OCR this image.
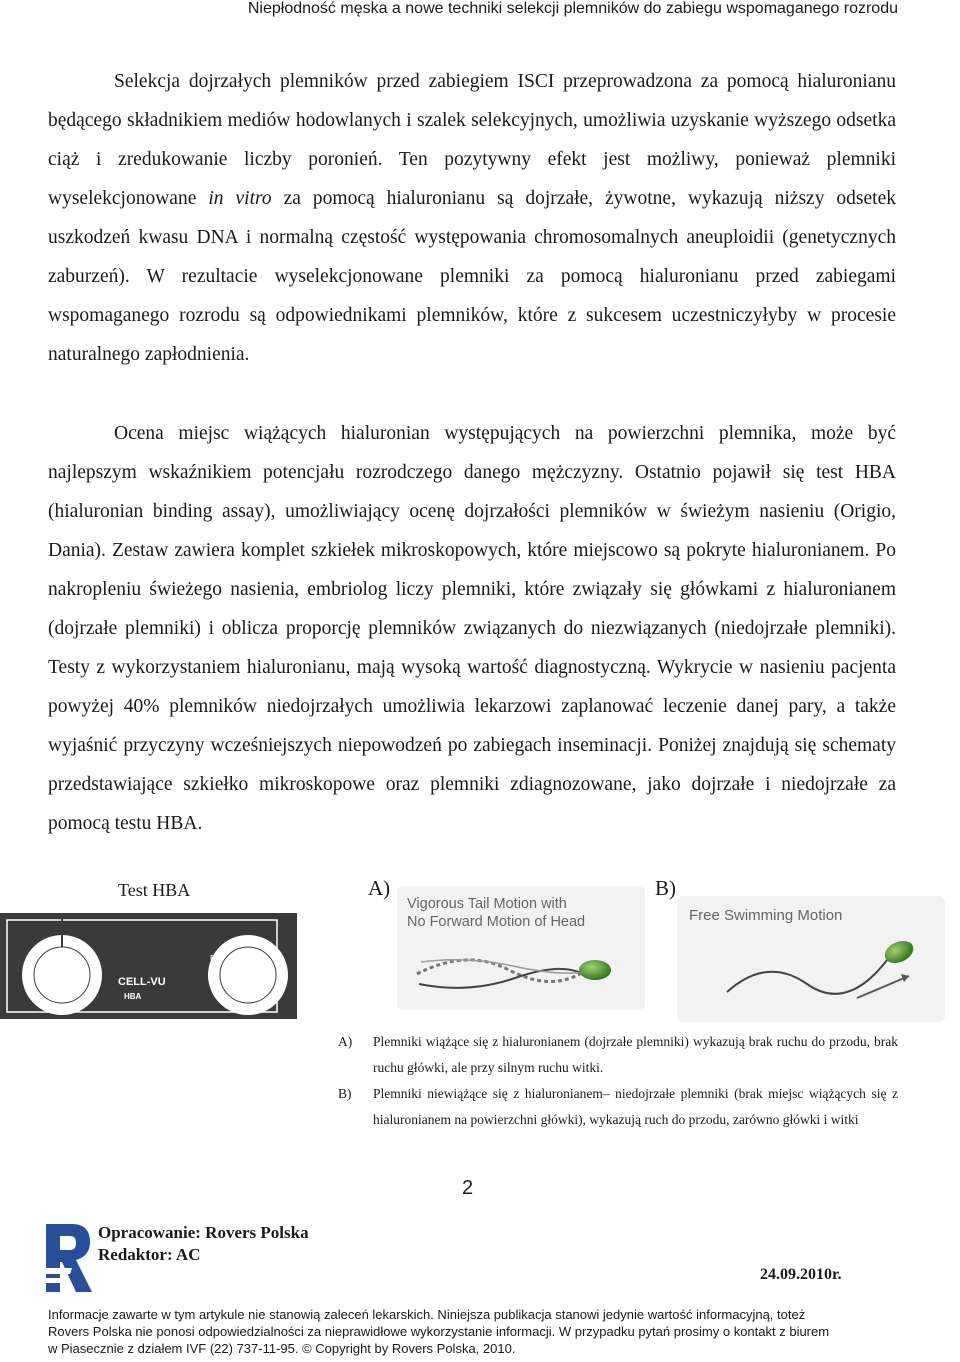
Niepłodność męska a nowe techniki selekcji plemników do zabiegu wspomaganego rozrodu
Selekcja dojrzałych plemników przed zabiegiem ISCI przeprowadzona za pomocą hialuronianu będącego składnikiem mediów hodowlanych i szalek selekcyjnych, umożliwia uzyskanie wyższego odsetka ciąż i zredukowanie liczby poronień. Ten pozytywny efekt jest możliwy, ponieważ plemniki wyselekcjonowane in vitro za pomocą hialuronianu są dojrzałe, żywotne, wykazują niższy odsetek uszkodzeń kwasu DNA i normalną częstość występowania chromosomalnych aneuploidii (genetycznych zaburzeń). W rezultacie wyselekcjonowane plemniki za pomocą hialuronianu przed zabiegami wspomaganego rozrodu są odpowiednikami plemników, które z sukcesem uczestniczyłyby w procesie naturalnego zapłodnienia.
Ocena miejsc wiążących hialuronian występujących na powierzchni plemnika, może być najlepszym wskaźnikiem potencjału rozrodczego danego mężczyzny. Ostatnio pojawił się test HBA (hialuronian binding assay), umożliwiający ocenę dojrzałości plemników w świeżym nasieniu (Origio, Dania). Zestaw zawiera komplet szkiełek mikroskopowych, które miejscowo są pokryte hialuronianem. Po nakropleniu świeżego nasienia, embriolog liczy plemniki, które związały się główkami z hialuronianem (dojrzałe plemniki) i oblicza proporcję plemników związanych do niezwiązanych (niedojrzałe plemniki). Testy z wykorzystaniem hialuronianu, mają wysoką wartość diagnostyczną. Wykrycie w nasieniu pacjenta powyżej 40% plemników niedojrzałych umożliwia lekarzowi zaplanować leczenie danej pary, a także wyjaśnić przyczyny wcześniejszych niepowodzeń po zabiegach inseminacji. Poniżej znajdują się schematy przedstawiające szkiełko mikroskopowe oraz plemniki zdiagnozowane, jako dojrzałe i niedojrzałe za pomocą testu HBA.
Test HBA	A)	B)
A	B
CELL-VU
HBA
Vigorous Tail Motion with
No Forward Motion of Head	Free Swimming Motion
A) Plemniki wiążące się z hialuronianem (dojrzałe plemniki) wykazują brak ruchu do przodu, brak ruchu główki, ale przy silnym ruchu witki.
B) Plemniki niewiążące się z hialuronianem– niedojrzałe plemniki (brak miejsc wiążących się z hialuronianem na powierzchni główki), wykazują ruch do przodu, zarówno główki i witki
2
Opracowanie: Rovers Polska
Redaktor: AC
24.09.2010r.
Informacje zawarte w tym artykule nie stanowią zaleceń lekarskich. Niniejsza publikacja stanowi jedynie wartość informacyjną, toteż
Rovers Polska nie ponosi odpowiedzialności za nieprawidłowe wykorzystanie informacji. W przypadku pytań prosimy o kontakt z biurem
w Piasecznie z działem IVF (22) 737-11-95. © Copyright by Rovers Polska, 2010.
